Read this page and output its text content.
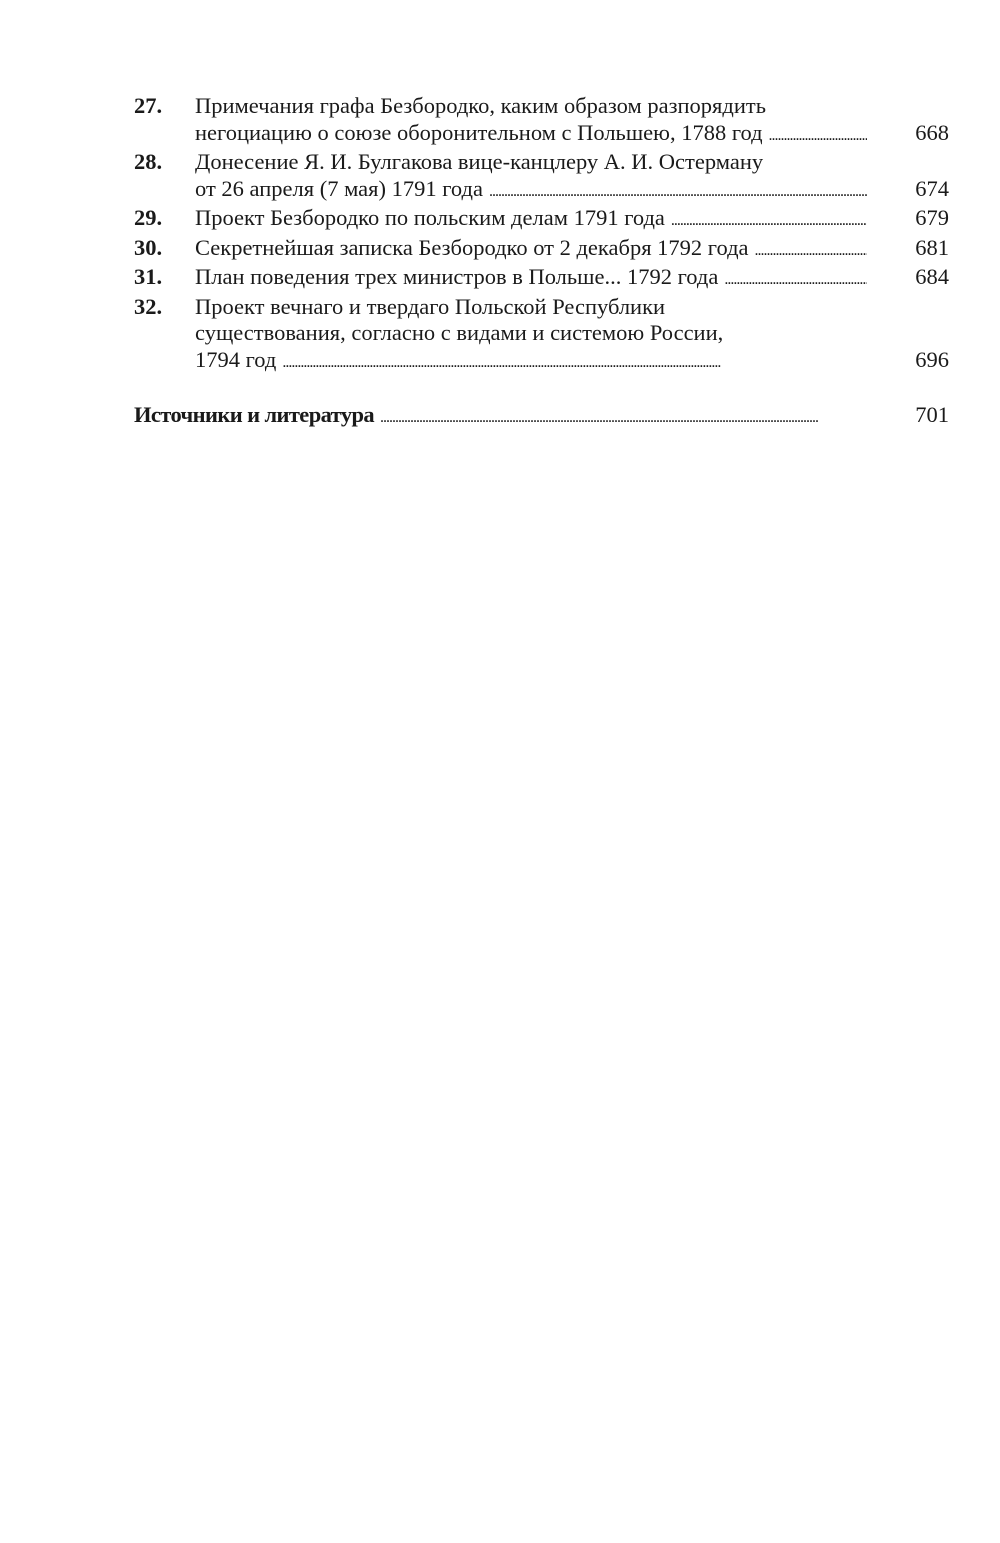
27.	Примечания графа Безбородко, каким образом разпорядить
негоциацию о союзе оборонительном с Польшею, 1788 год . . .	668
28.	Донесение Я. И. Булгакова вице-канцлеру А. И. Остерману
от 26 апреля (7 мая) 1791 года . . .	674
29.	Проект Безбородко по польским делам 1791 года . . .	679
30.	Секретнейшая записка Безбородко от 2 декабря 1792 года . . .	681
31.	План поведения трех министров в Польше... 1792 года . . .	684
32.	Проект вечнаго и твердаго Польской Республики
существования, согласно с видами и системою России,
1794 год . . .	696
Источники и литература . . .	701
